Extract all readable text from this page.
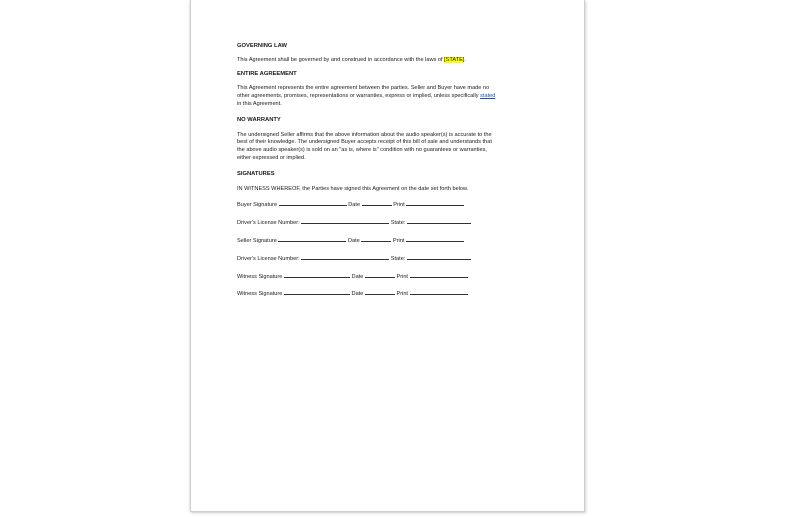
GOVERNING LAW

This Agreement shall be governed by and construed in accordance with the laws of [STATE].

ENTIRE AGREEMENT

This Agreement represents the entire agreement between the parties. Seller and Buyer have made no

other agreements, promises, representations or warranties, express or implied, unless specifically stated

in this Agreement.

NO WARRANTY

The undersigned Seller affirms that the above information about the audio speaker(s) is accurate to the

best of their knowledge. The undersigned Buyer accepts receipt of this bill of sale and understands that

the above audio speaker(s) is sold on an "as is, where is" condition with no guarantees or warranties,

either expressed or implied.

SIGNATURES

IN WITNESS WHEREOF, the Parties have signed this Agreement on the date set forth below.

Buyer Signature	Date	Print

Driver's License Number:	State:

Seller Signature	Date	Print

Driver's License Number:	State:

Witness Signature	Date	Print

Witness Signature	Date	Print
